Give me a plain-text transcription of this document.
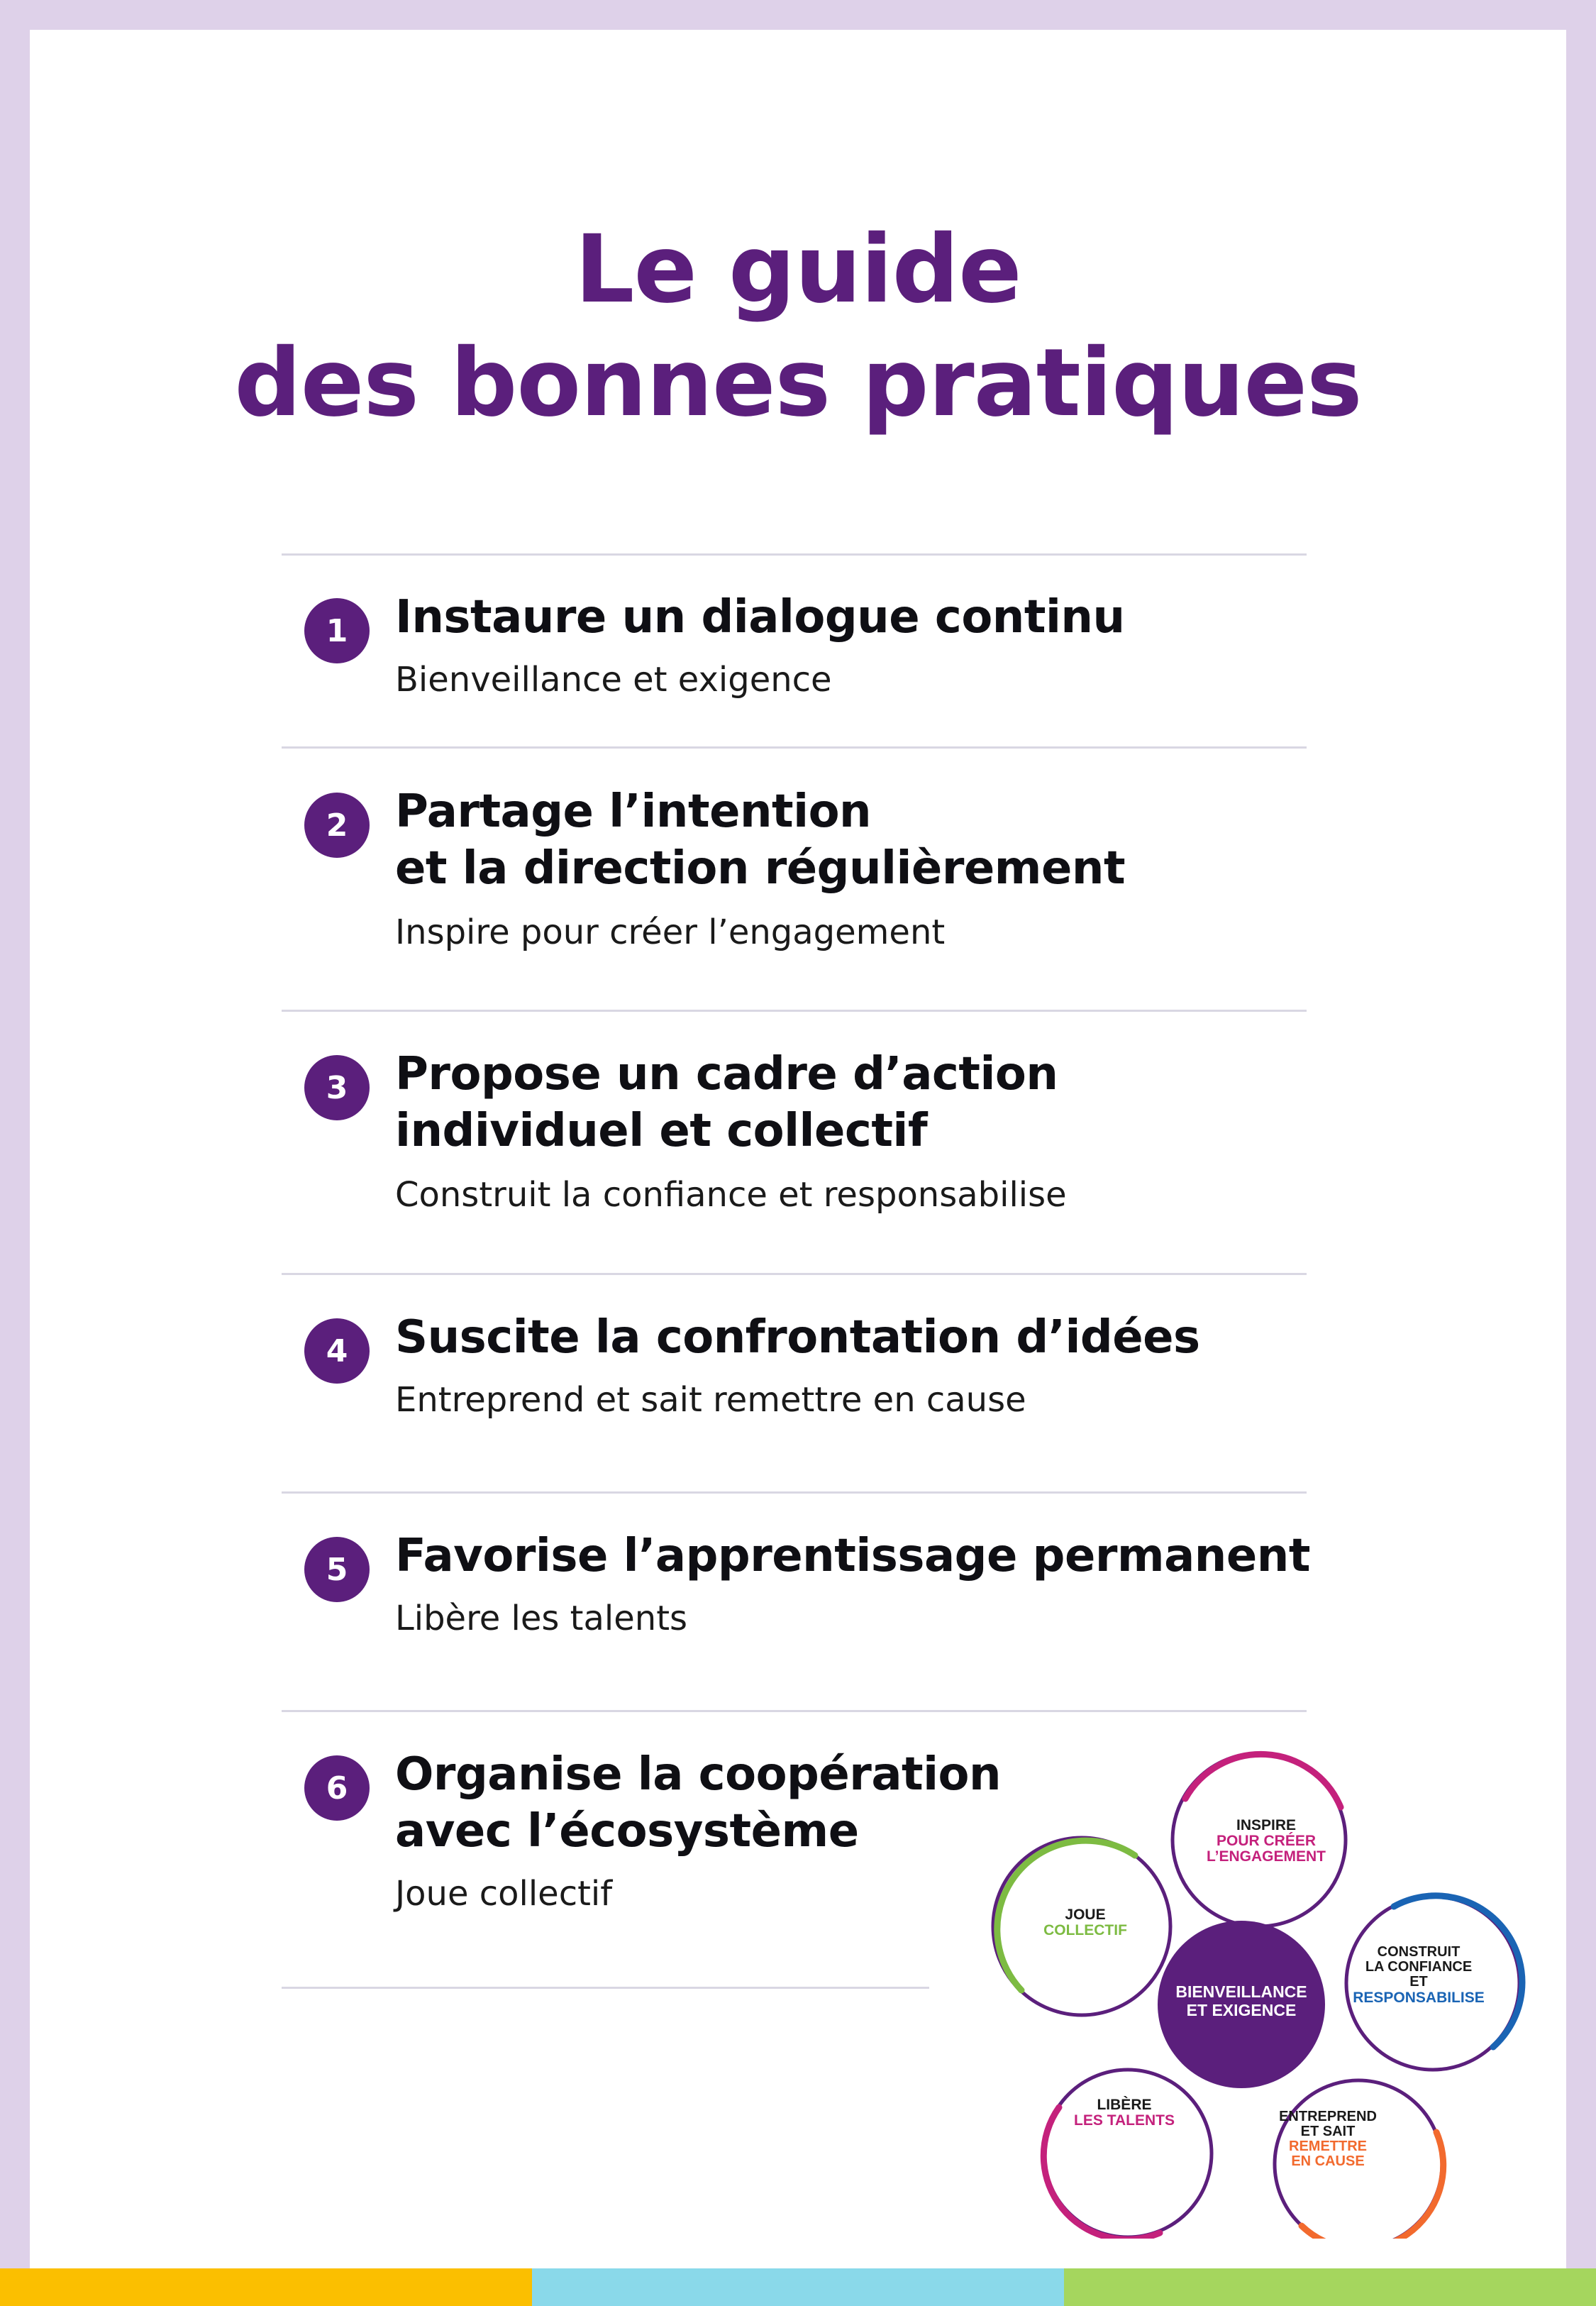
Le guide
des bonnes pratiques
1	Instaure un dialogue continu
Bienveillance et exigence
2	Partage l’intention
et la direction régulièrement
Inspire pour créer l’engagement
3	Propose un cadre d’action
individuel et collectif
Construit la confiance et responsabilise
4	Suscite la confrontation d’idées
Entreprend et sait remettre en cause
5	Favorise l’apprentissage permanent
Libère les talents
6	Organise la coopération
avec l’écosystème
Joue collectif
BIENVEILLANCE
ET EXIGENCE
INSPIRE
POUR CRÉER
L’ENGAGEMENT
CONSTRUIT
LA CONFIANCE
ET
RESPONSABILISE
ENTREPREND
ET SAIT
REMETTRE
EN CAUSE
LIBÈRE
LES TALENTS
JOUE
COLLECTIF
